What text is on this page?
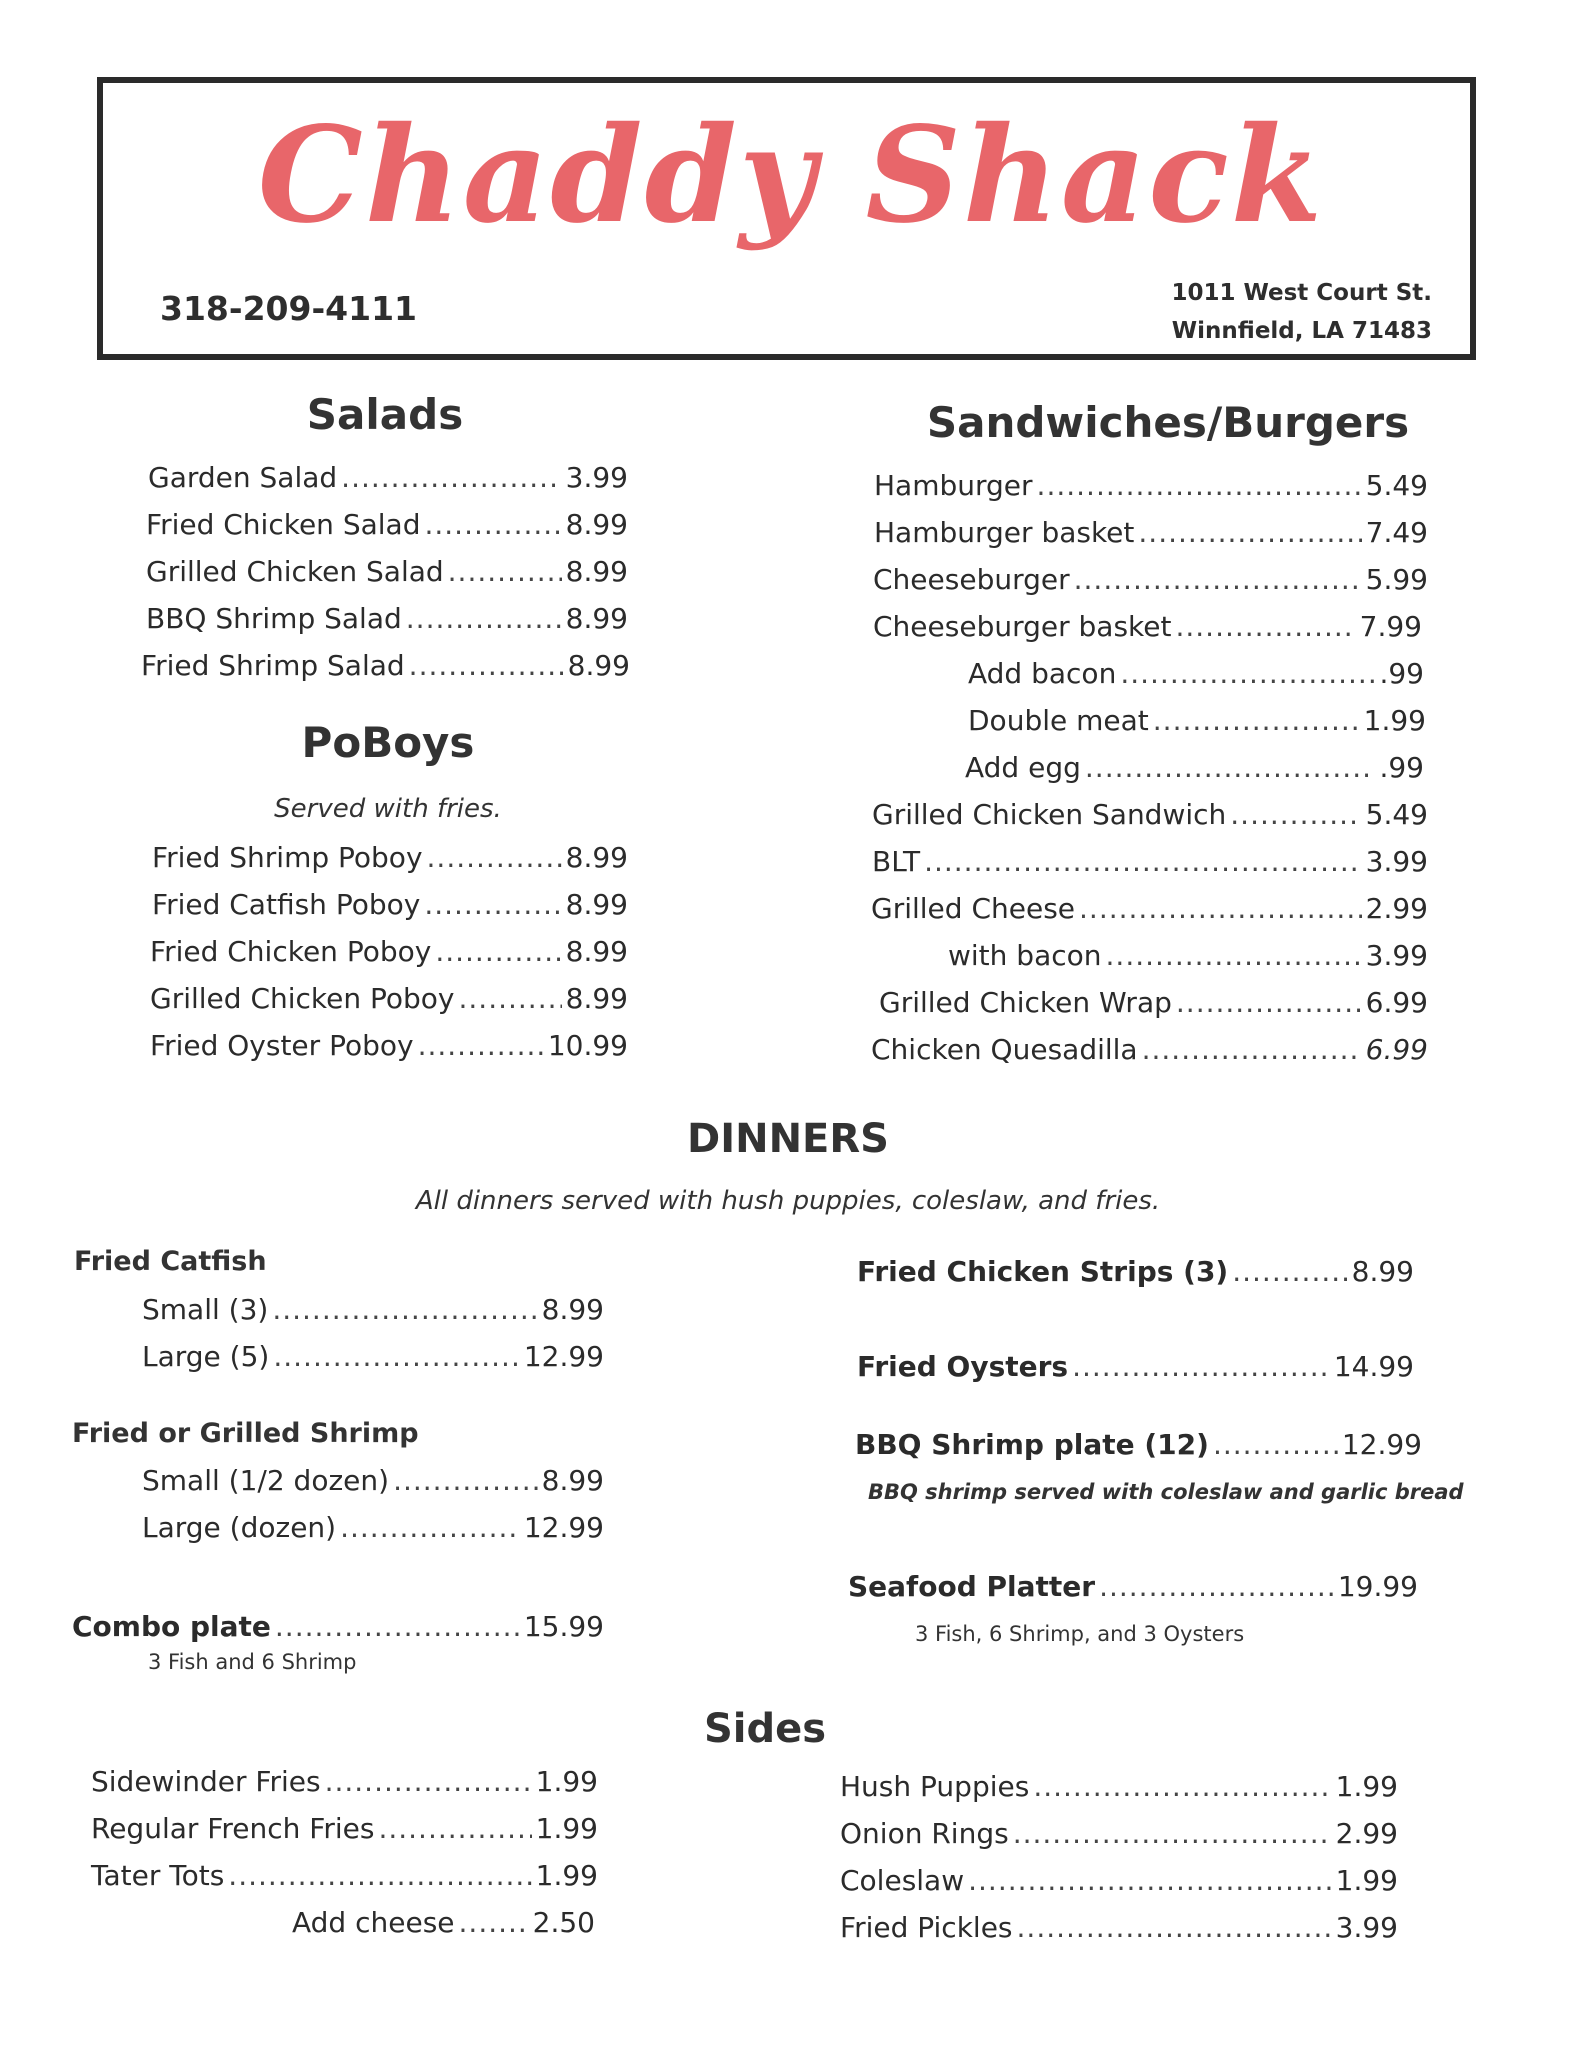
Chaddy Shack
318-209-4111	1011 West Court St.
Winnfield, LA 71483
Salads
Garden Salad .....	3.99
Fried Chicken Salad .....	8.99
Grilled Chicken Salad .....	8.99
BBQ Shrimp Salad .....	8.99
Fried Shrimp Salad .....	8.99
PoBoys
Served with fries.
Fried Shrimp Poboy .....	8.99
Fried Catfish Poboy .....	8.99
Fried Chicken Poboy .....	8.99
Grilled Chicken Poboy .....	8.99
Fried Oyster Poboy .....	10.99
Sandwiches/Burgers
Hamburger .....	5.49
Hamburger basket .....	7.49
Cheeseburger .....	5.99
Cheeseburger basket .....	7.99
Add bacon .....	.99
Double meat .....	1.99
Add egg .....	.99
Grilled Chicken Sandwich .....	5.49
BLT .....	3.99
Grilled Cheese .....	2.99
with bacon .....	3.99
Grilled Chicken Wrap .....	6.99
Chicken Quesadilla .....	6.99
DINNERS
All dinners served with hush puppies, coleslaw, and fries.
Fried Catfish
Small (3) .....	8.99
Large (5) .....	12.99
Fried or Grilled Shrimp
Small (1/2 dozen) .....	8.99
Large (dozen) .....	12.99
Combo plate .....	15.99
3 Fish and 6 Shrimp
Fried Chicken Strips (3) .....	8.99
Fried Oysters .....	14.99
BBQ Shrimp plate (12) .....	12.99
BBQ shrimp served with coleslaw and garlic bread
Seafood Platter .....	19.99
3 Fish, 6 Shrimp, and 3 Oysters
Sides
Sidewinder Fries .....	1.99
Regular French Fries .....	1.99
Tater Tots .....	1.99
Add cheese .....	2.50
Hush Puppies .....	1.99
Onion Rings .....	2.99
Coleslaw .....	1.99
Fried Pickles .....	3.99
